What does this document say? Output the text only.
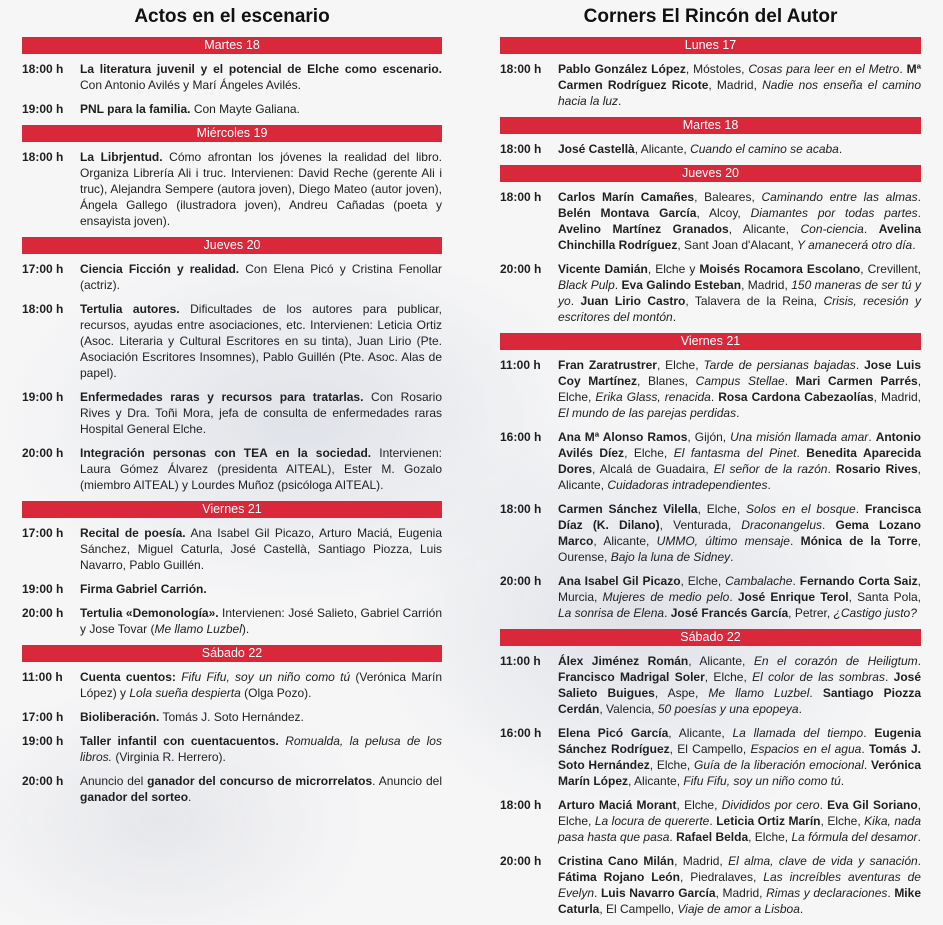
Actos en el escenario
Martes 18
18:00 h	La literatura juvenil y el potencial de Elche como escenario. Con Antonio Avilés y Marí Ángeles Avilés.
19:00 h	PNL para la familia. Con Mayte Galiana.
Miércoles 19
18:00 h	La Librjentud. Cómo afrontan los jóvenes la realidad del libro. Organiza Librería Ali i truc. Intervienen: David Reche (gerente Ali i truc), Alejandra Sempere (autora joven), Diego Mateo (autor joven), Ángela Gallego (ilustradora joven), Andreu Cañadas (poeta y ensayista joven).
Jueves 20
17:00 h	Ciencia Ficción y realidad. Con Elena Picó y Cristina Fenollar (actriz).
18:00 h	Tertulia autores. Dificultades de los autores para publicar, recursos, ayudas entre asociaciones, etc. Intervienen: Leticia Ortiz (Asoc. Literaria y Cultural Escritores en su tinta), Juan Lirio (Pte. Asociación Escritores Insomnes), Pablo Guillén (Pte. Asoc. Alas de papel).
19:00 h	Enfermedades raras y recursos para tratarlas. Con Rosario Rives y Dra. Toñi Mora, jefa de consulta de enfermedades raras Hospital General Elche.
20:00 h	Integración personas con TEA en la sociedad. Intervienen: Laura Gómez Álvarez (presidenta AITEAL), Ester M. Gozalo (miembro AITEAL) y Lourdes Muñoz (psicóloga AITEAL).
Viernes 21
17:00 h	Recital de poesía. Ana Isabel Gil Picazo, Arturo Maciá, Eugenia Sánchez, Miguel Caturla, José Castellà, Santiago Piozza, Luis Navarro, Pablo Guillén.
19:00 h	Firma Gabriel Carrión.
20:00 h	Tertulia «Demonología». Intervienen: José Salieto, Gabriel Carrión y Jose Tovar (Me llamo Luzbel).
Sábado 22
11:00 h	Cuenta cuentos: Fifu Fifu, soy un niño como tú (Verónica Marín López) y Lola sueña despierta (Olga Pozo).
17:00 h	Bioliberación. Tomás J. Soto Hernández.
19:00 h	Taller infantil con cuentacuentos. Romualda, la pelusa de los libros. (Virginia R. Herrero).
20:00 h	Anuncio del ganador del concurso de microrrelatos. Anuncio del ganador del sorteo.
Corners El Rincón del Autor
Lunes 17
18:00 h	Pablo González López, Móstoles, Cosas para leer en el Metro. Mª Carmen Rodríguez Ricote, Madrid, Nadie nos enseña el camino hacia la luz.
Martes 18
18:00 h	José Castellà, Alicante, Cuando el camino se acaba.
Jueves 20
18:00 h	Carlos Marín Camañes, Baleares, Caminando entre las almas. Belén Montava García, Alcoy, Diamantes por todas partes. Avelino Martínez Granados, Alicante, Con-ciencia. Avelina Chinchilla Rodríguez, Sant Joan d'Alacant, Y amanecerá otro día.
20:00 h	Vicente Damián, Elche y Moisés Rocamora Escolano, Crevillent, Black Pulp. Eva Galindo Esteban, Madrid, 150 maneras de ser tú y yo. Juan Lirio Castro, Talavera de la Reina, Crisis, recesión y escritores del montón.
Viernes 21
11:00 h	Fran Zaratrustrer, Elche, Tarde de persianas bajadas. Jose Luis Coy Martínez, Blanes, Campus Stellae. Mari Carmen Parrés, Elche, Erika Glass, renacida. Rosa Cardona Cabezaolías, Madrid, El mundo de las parejas perdidas.
16:00 h	Ana Mª Alonso Ramos, Gijón, Una misión llamada amar. Antonio Avilés Díez, Elche, El fantasma del Pinet. Benedita Aparecida Dores, Alcalá de Guadaira, El señor de la razón. Rosario Rives, Alicante, Cuidadoras intradependientes.
18:00 h	Carmen Sánchez Vilella, Elche, Solos en el bosque. Francisca Díaz (K. Dilano), Venturada, Draconangelus. Gema Lozano Marco, Alicante, UMMO, último mensaje. Mónica de la Torre, Ourense, Bajo la luna de Sidney.
20:00 h	Ana Isabel Gil Picazo, Elche, Cambalache. Fernando Corta Saiz, Murcia, Mujeres de medio pelo. José Enrique Terol, Santa Pola, La sonrisa de Elena. José Francés García, Petrer, ¿Castigo justo?
Sábado 22
11:00 h	Álex Jiménez Román, Alicante, En el corazón de Heiligtum. Francisco Madrigal Soler, Elche, El color de las sombras. José Salieto Buigues, Aspe, Me llamo Luzbel. Santiago Piozza Cerdán, Valencia, 50 poesías y una epopeya.
16:00 h	Elena Picó García, Alicante, La llamada del tiempo. Eugenia Sánchez Rodríguez, El Campello, Espacios en el agua. Tomás J. Soto Hernández, Elche, Guía de la liberación emocional. Verónica Marín López, Alicante, Fifu Fifu, soy un niño como tú.
18:00 h	Arturo Maciá Morant, Elche, Divididos por cero. Eva Gil Soriano, Elche, La locura de quererte. Leticia Ortiz Marín, Elche, Kika, nada pasa hasta que pasa. Rafael Belda, Elche, La fórmula del desamor.
20:00 h	Cristina Cano Milán, Madrid, El alma, clave de vida y sanación. Fátima Rojano León, Piedralaves, Las increíbles aventuras de Evelyn. Luis Navarro García, Madrid, Rimas y declaraciones. Mike Caturla, El Campello, Viaje de amor a Lisboa.
